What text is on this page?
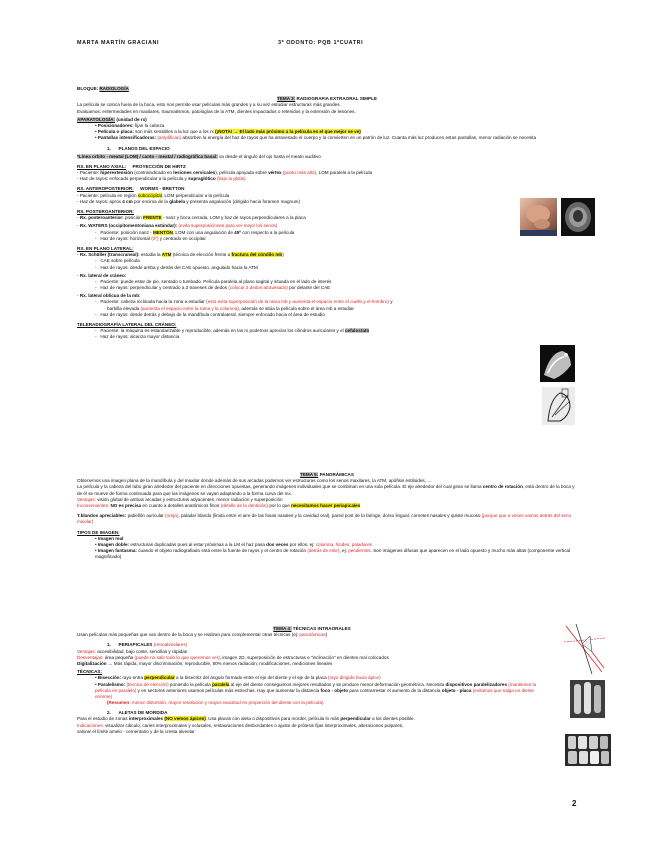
MARTA MARTÍN GRACIANI	3º ODONTO: PQB 1ºCUATRI

BLOQUE: RADIOLOGÍA

TEMA 3: RADIOGRAFIA EXTRAORAL SIMPLE

La película se coloca fuera de la boca, esto nos permite usar películas más grandes y a su vez estudiar estructuras más grandes.

Evaluamos: enfermedades en maxilares, traumatismos, patologías de la ATM, dientes impactados o retenidos y la extensión de lesiones.

APARATOLOGÍA: (unidad de rx)

• Posicionadores: fijan la cabeza

• Película o placa: son más sensibles a la luz que a los rx (¡NOTA! → El lado más próximo a la película es el que mejor se ve)

• Pantallas intensificadoras: (amplifican) absorben la energía del haz de rayos que ha atravesado el cuerpo y la convierten en un patrón de luz. Cuanta más luz producen estas pantallas, menor radiación se necesita

1. PLANOS DEL ESPACIO

*Línea orbito - meatal (LOM) / canto - meatal / radiográfica basal: va desde el ángulo del ojo hasta el meato auditivo

RX. EN PLANO AXIAL: PROYECCIÓN DE HIRTZ

- Paciente: hiperextensión (contraindicado en lesiones cervicales), película apoyada sobre vértex (punto más alto), LOM paralela a la película

- Haz de rayos: enfocado perpendicular a la película y supraglótico (bajo la glotis)

RX. ANTEROPOSTERIOR: WORMS - BRETTON

- Paciente: película en región suboccipital, LOM perpendicular a la película

- Haz de rayos: aprox 4 cm por encima de la glabela y presenta angulación (dirigido hacia foramen magnum)

RX. POSTEROANTERIOR:

- Rx. posteroanterior: posición FRENTE - nariz y boca cerrada, LOM y haz de rayos perpendiculares a la placa

- Rx. WATERS (occipitomentoniana estándar): (evita superposiciones para ver mejor los senos)

-   Paciente: posición nariz - MENTÓN, LOM con una angulación de 45º con respecto a la película

-   Haz de rayos: horizontal (0º) y centrado en occipital

RX. EN PLANO LATERAL:

- Rx. Schüller (transcraneal): estudia la ATM (técnica de elección frente a fractura del cóndilo mb)

-   CAE sobre película

-   Haz de rayos: desde arriba y detrás del CAE opuesto, angulado hacia la ATM

- Rx. lateral de cráneo:

-   Paciente: puede estar de pie, sentado o tumbado. Película paralela al plano sagital y situada en el lado de interés

-   Haz de rayos: perpendicular y centrado a 2 traveses de dedos (colocar 2 dedos atravesado) por delante del CAE

- Rx. lateral oblicua de la mb:

-   Paciente: cabeza inclinada hacia la zona a estudiar (esto evita superposición de la rama mb y aumenta el espacio entre el cuello y el hombro) y

barbilla elevada (aumenta el espacio entre la rama y la columna), además se sitúa la película sobre el área mb a estudiar

-   Haz de rayos: desde detrás y debajo de la mandíbula contralateral, siempre enfocado hacia el área de estudio

TELERADIOGRAFÍA LATERAL DEL CRÁNEO:

-   Paciente: la máquina es estandarizable y reproducible, además en las rx podemos apreciar los cilindros auriculares y el cefalostato

-   Haz de rayos: alcanza mayor distancia

TEMA 5: PANORÁMICAS

Obtenemos una imagen plana de la mandíbula y del maxilar donde además de sus arcadas podemos ver estructuras como los senos maxilares, la ATM, apófisis estiloides, …

La película y la cabeza del tubo giran alrededor del paciente en direcciones opuestas, generando imágenes individuales que se combinan en una sola película. El eje alrededor del cual giran se llama centro de rotación, está dentro de la boca y de él se mueve de forma continuada para que las imágenes se vayan adaptando a la forma curva del mx.

Ventajas: visión global de ambas arcadas y estructuras adyacentes, menor radiación y superposición

Inconvenientes: NO es precisa en cuanto a detalles anatómicos finos (detalle de la dentición) por lo que necesitamos hacer periapicales

T.blandos apreciables: pabellón auricular (oreja), paladar blando (limita entre el aire de las fosas nasales y la cavidad oral), pared post de la faringe, dorso lingual, cornetes nasales y quiste mucoso (porque que a veces vamos detrás del seno maxilar)

TIPOS DE IMAGEN:

• Imagen real

• Imagen doble: estructuras duplicadas pues al estar próximas a la LM el haz pasa dos veces por ellos, ej: columna, hiodes, paladares

• Imagen fantasma: cuando el objeto radiografiado está entre la fuente de rayos y el centro de rotación (detrás de este), ej: pendientes. Son imágenes difusas que aparecen en el lado opuesto y mucho más altas (componente vertical magnificado)

TEMA 4: TÉCNICAS INTRAORALES

Usan películas más pequeñas que van dentro de la boca y se realizan para complementar otras técnicas (ej: panorámicas)

1. PERIAPICALES (retroalveolares)

Ventajas: accesibilidad, bajo coste, sencillas y rápidas

Desventajas: área pequeña (puede no salir todo lo que queremos ver), imagen 2D, superposición de estructuras e "inclinación" en dientes mal colocados

Digitalización → Más rápida, mayor discriminación, reproducible, 80% menos radiación, modificaciones, mediciones lineales

TÉCNICAS:

• Bisección: rayo entra perpendicular a la bisectriz del ángulo formado entre el eje del diente y el eje de la placa (rayo dirigido hacia ápice)

• Paralelismo: (técnica de elección) poniendo la película paralela al eje del diente conseguimos mejores resultados y se produce menor deformación geométrica. Necesita dispositivos paralelizadores (mantienen la película en paralelo) y en sectores anteriores usamos películas más estrechas. Hay que aumentar la distancia foco - objeto para contrarrestar el aumento de la distancia objeto - placa (evitamos que salga un diente enorme)

(Resumen: menor distorsión, mayor resolución y mayor exactitud en proporción del diente con la película)

2. ALETAS DE MORDIDA

Para el estudio de zonas interproximales (NO vemos ápices). Usa placas con aleta o dispositivos para morder, película lo más perpendicular a los dientes posible.

Indicaciones: visualizar cálculo, caries interproximales y oclusales, restauraciones desbordantes o ajuste de prótesis fijas interproximales, alteraciones pulpares,

valorar el límite amelo - cementario y de la cresta alveolar

2
